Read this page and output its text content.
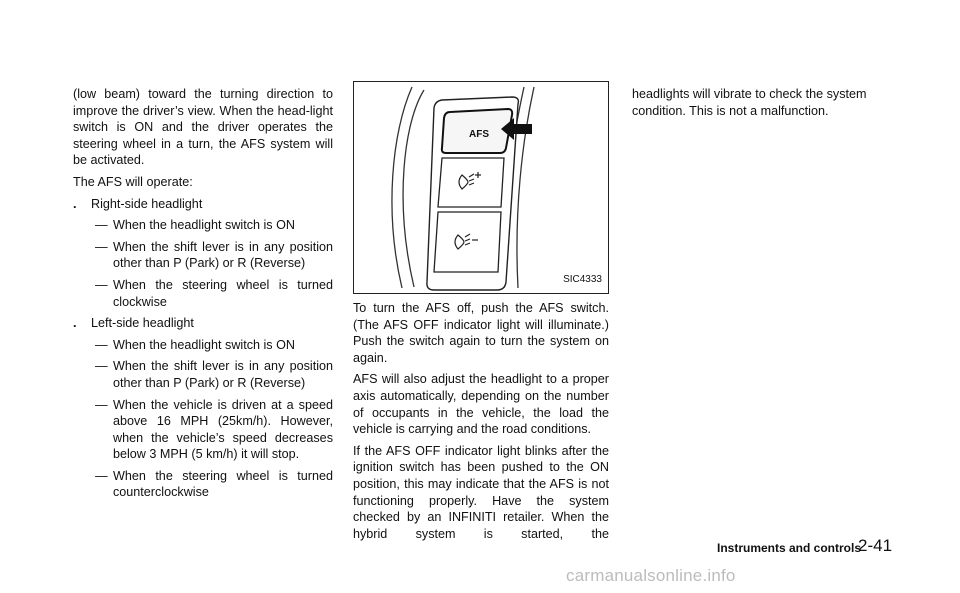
(low beam) toward the turning direction to improve the driver’s view. When the head-light switch is ON and the driver operates the steering wheel in a turn, the AFS system will be activated.

The AFS will operate:

. Right-side headlight

— When the headlight switch is ON

— When the shift lever is in any position other than P (Park) or R (Reverse)

— When the steering wheel is turned clockwise

. Left-side headlight

— When the headlight switch is ON

— When the shift lever is in any position other than P (Park) or R (Reverse)

— When the vehicle is driven at a speed above 16 MPH (25km/h). However, when the vehicle’s speed decreases below 3 MPH (5 km/h) it will stop.

— When the steering wheel is turned counterclockwise

AFS
SIC4333

To turn the AFS off, push the AFS switch. (The AFS OFF indicator light will illuminate.) Push the switch again to turn the system on again.

AFS will also adjust the headlight to a proper axis automatically, depending on the number of occupants in the vehicle, the load the vehicle is carrying and the road conditions.

If the AFS OFF indicator light blinks after the ignition switch has been pushed to the ON position, this may indicate that the AFS is not functioning properly. Have the system checked by an INFINITI retailer. When the hybrid system is started, the

headlights will vibrate to check the system condition. This is not a malfunction.

Instruments and controls
2-41
carmanualsonline.info
